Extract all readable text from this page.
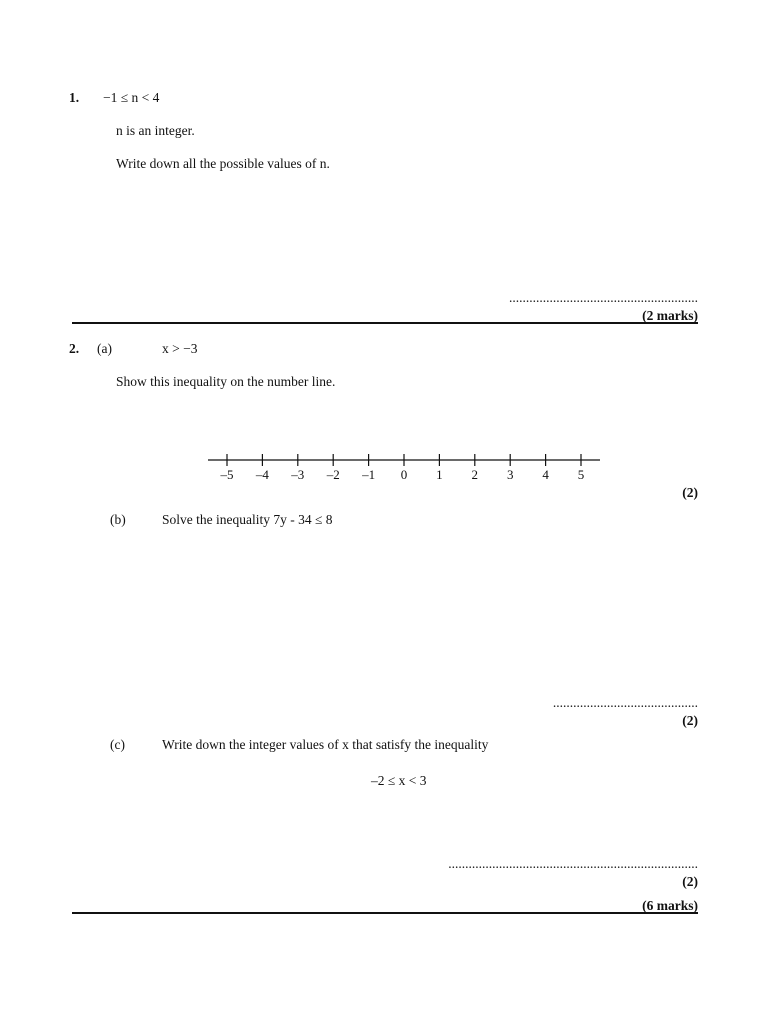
1. −1 ≤ n < 4
n is an integer.
Write down all the possible values of n.
........................................................
(2 marks)
2. (a)	x > −3
Show this inequality on the number line.
–5 –4 –3 –2 –1 0 1 2 3 4 5
(2)
(b)	Solve the inequality 7y - 34 ≤ 8
...........................................
(2)
(c)	Write down the integer values of x that satisfy the inequality
–2 ≤ x < 3
..........................................................................
(2)
(6 marks)
